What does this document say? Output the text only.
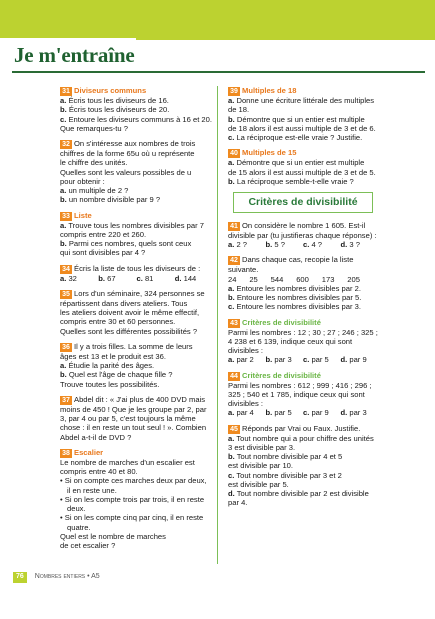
Je m'entraîne
31 Diviseurs communs
a. Écris tous les diviseurs de 16.
b. Écris tous les diviseurs de 20.
c. Entoure les diviseurs communs à 16 et 20.
Que remarques-tu ?
32 On s'intéresse aux nombres de trois
chiffres de la forme 65u où u représente
le chiffre des unités.
Quelles sont les valeurs possibles de u
pour obtenir :
a. un multiple de 2 ?
b. un nombre divisible par 9 ?
33 Liste
a. Trouve tous les nombres divisibles par 7
compris entre 220 et 260.
b. Parmi ces nombres, quels sont ceux
qui sont divisibles par 4 ?
34 Écris la liste de tous les diviseurs de :
a. 32	b. 67	c. 81	d. 144
35 Lors d'un séminaire, 324 personnes se
répartissent dans divers ateliers. Tous
les ateliers doivent avoir le même effectif,
compris entre 30 et 60 personnes.
Quelles sont les différentes possibilités ?
36 Il y a trois filles. La somme de leurs
âges est 13 et le produit est 36.
a. Étudie la parité des âges.
b. Quel est l'âge de chaque fille ?
Trouve toutes les possibilités.
37 Abdel dit : « J'ai plus de 400 DVD mais
moins de 450 ! Que je les groupe par 2, par
3, par 4 ou par 5, c'est toujours la même
chose : il en reste un tout seul ! ». Combien
Abdel a-t-il de DVD ?
38 Escalier
Le nombre de marches d'un escalier est
compris entre 40 et 80.
• Si on compte ces marches deux par deux,
il en reste une.
• Si on les compte trois par trois, il en reste
deux.
• Si on les compte cinq par cinq, il en reste
quatre.
Quel est le nombre de marches
de cet escalier ?
39 Multiples de 18
a. Donne une écriture littérale des multiples
de 18.
b. Démontre que si un entier est multiple
de 18 alors il est aussi multiple de 3 et de 6.
c. La réciproque est-elle vraie ? Justifie.
40 Multiples de 15
a. Démontre que si un entier est multiple
de 15 alors il est aussi multiple de 3 et de 5.
b. La réciproque semble-t-elle vraie ?
Critères de divisibilité
41 On considère le nombre 1 605. Est-il
divisible par (tu justifieras chaque réponse) :
a. 2 ?	b. 5 ?	c. 4 ?	d. 3 ?
42 Dans chaque cas, recopie la liste
suivante.
24 25 544 600 173 205
a. Entoure les nombres divisibles par 2.
b. Entoure les nombres divisibles par 5.
c. Entoure les nombres divisibles par 3.
43 Critères de divisibilité
Parmi les nombres : 12 ; 30 ; 27 ; 246 ; 325 ;
4 238 et 6 139, indique ceux qui sont
divisibles :
a. par 2	b. par 3	c. par 5	d. par 9
44 Critères de divisibilité
Parmi les nombres : 612 ; 999 ; 416 ; 296 ;
325 ; 540 et 1 785, indique ceux qui sont
divisibles :
a. par 4	b. par 5	c. par 9	d. par 3
45 Réponds par Vrai ou Faux. Justifie.
a. Tout nombre qui a pour chiffre des unités
3 est divisible par 3.
b. Tout nombre divisible par 4 et 5
est divisible par 10.
c. Tout nombre divisible par 3 et 2
est divisible par 5.
d. Tout nombre divisible par 2 est divisible
par 4.
76	Nombres entiers • A5
